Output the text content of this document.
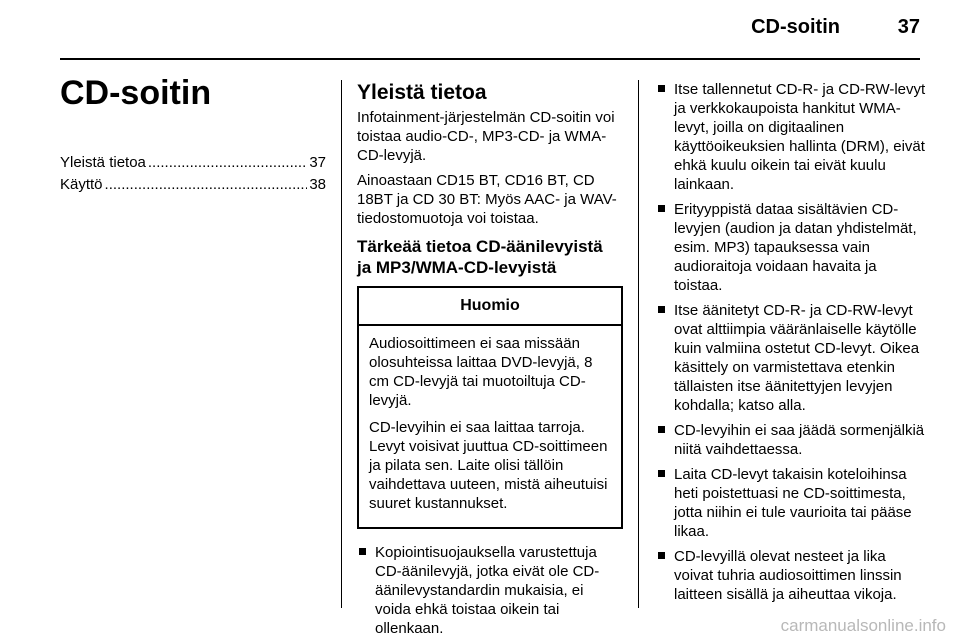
CD-soitin	37
CD-soitin
Yleistä tietoa .....	37
Käyttö .....	38
Yleistä tietoa

Infotainment-järjestelmän CD-soitin voi toistaa audio-CD-, MP3-CD- ja WMA-CD-levyjä.

Ainoastaan CD15 BT, CD16 BT, CD 18BT ja CD 30 BT: Myös AAC- ja WAV-tiedostomuotoja voi toistaa.

Tärkeää tietoa CD-äänilevyistä ja MP3/WMA-CD-levyistä
Huomio

Audiosoittimeen ei saa missään olosuhteissa laittaa DVD-levyjä, 8 cm CD-levyjä tai muotoiltuja CD-levyjä.

CD-levyihin ei saa laittaa tarroja. Levyt voisivat juuttua CD-soittimeen ja pilata sen. Laite olisi tällöin vaihdettava uuteen, mistä aiheutuisi suuret kustannukset.

Kopiointisuojauksella varustettuja CD-äänilevyjä, jotka eivät ole CD-äänilevystandardin mukaisia, ei voida ehkä toistaa oikein tai ollenkaan.
Itse tallennetut CD-R- ja CD-RW-levyt ja verkkokaupoista hankitut WMA-levyt, joilla on digitaalinen käyttöoikeuksien hallinta (DRM), eivät ehkä kuulu oikein tai eivät kuulu lainkaan.
Erityyppistä dataa sisältävien CD-levyjen (audion ja datan yhdistelmät, esim. MP3) tapauksessa vain audioraitoja voidaan havaita ja toistaa.
Itse äänitetyt CD-R- ja CD-RW-levyt ovat alttiimpia vääränlaiselle käytölle kuin valmiina ostetut CD-levyt. Oikea käsittely on varmistettava etenkin tällaisten itse äänitettyjen levyjen kohdalla; katso alla.
CD-levyihin ei saa jäädä sormenjälkiä niitä vaihdettaessa.
Laita CD-levyt takaisin koteloihinsa heti poistettuasi ne CD-soittimesta, jotta niihin ei tule vaurioita tai pääse likaa.
CD-levyillä olevat nesteet ja lika voivat tuhria audiosoittimen linssin laitteen sisällä ja aiheuttaa vikoja.
carmanualsonline.info
